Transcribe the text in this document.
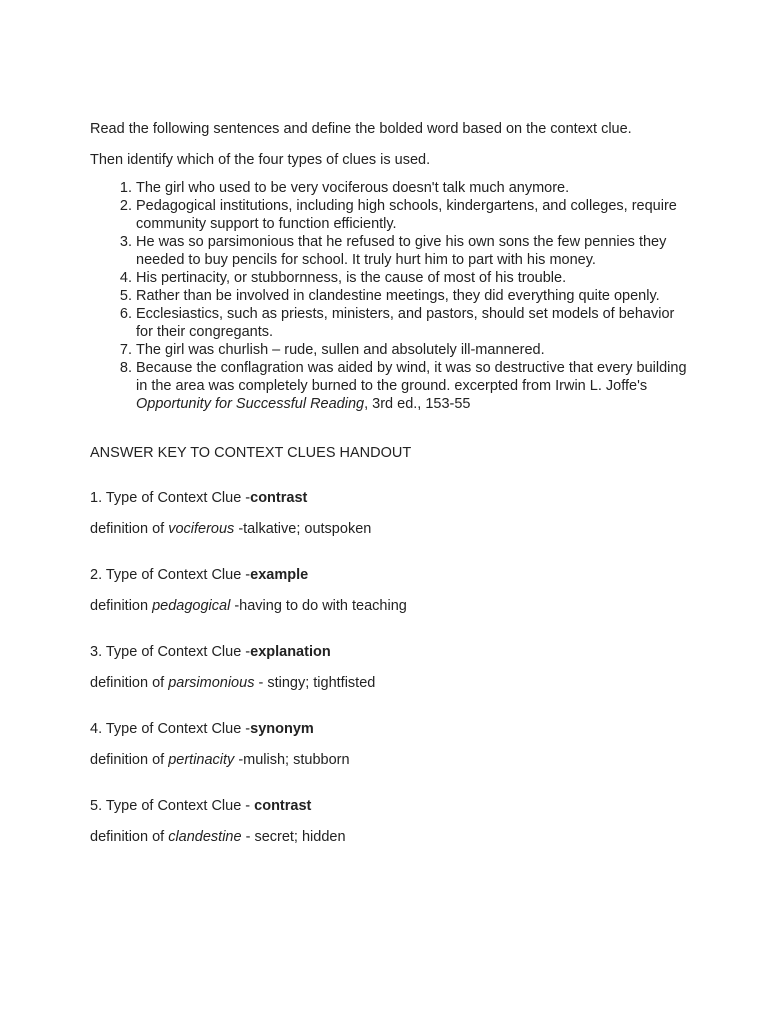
Read the following sentences and define the bolded word based on the context clue.

Then identify which of the four types of clues is used.

1. The girl who used to be very vociferous doesn't talk much anymore.
2. Pedagogical institutions, including high schools, kindergartens, and colleges, require community support to function efficiently.
3. He was so parsimonious that he refused to give his own sons the few pennies they needed to buy pencils for school. It truly hurt him to part with his money.
4. His pertinacity, or stubbornness, is the cause of most of his trouble.
5. Rather than be involved in clandestine meetings, they did everything quite openly.
6. Ecclesiastics, such as priests, ministers, and pastors, should set models of behavior for their congregants.
7. The girl was churlish – rude, sullen and absolutely ill-mannered.
8. Because the conflagration was aided by wind, it was so destructive that every building in the area was completely burned to the ground. excerpted from Irwin L. Joffe's Opportunity for Successful Reading, 3rd ed., 153-55

ANSWER KEY TO CONTEXT CLUES HANDOUT

1. Type of Context Clue -contrast

definition of vociferous -talkative; outspoken

2. Type of Context Clue -example

definition pedagogical -having to do with teaching

3. Type of Context Clue -explanation

definition of parsimonious - stingy; tightfisted

4. Type of Context Clue -synonym

definition of pertinacity -mulish; stubborn

5. Type of Context Clue - contrast

definition of clandestine - secret; hidden
